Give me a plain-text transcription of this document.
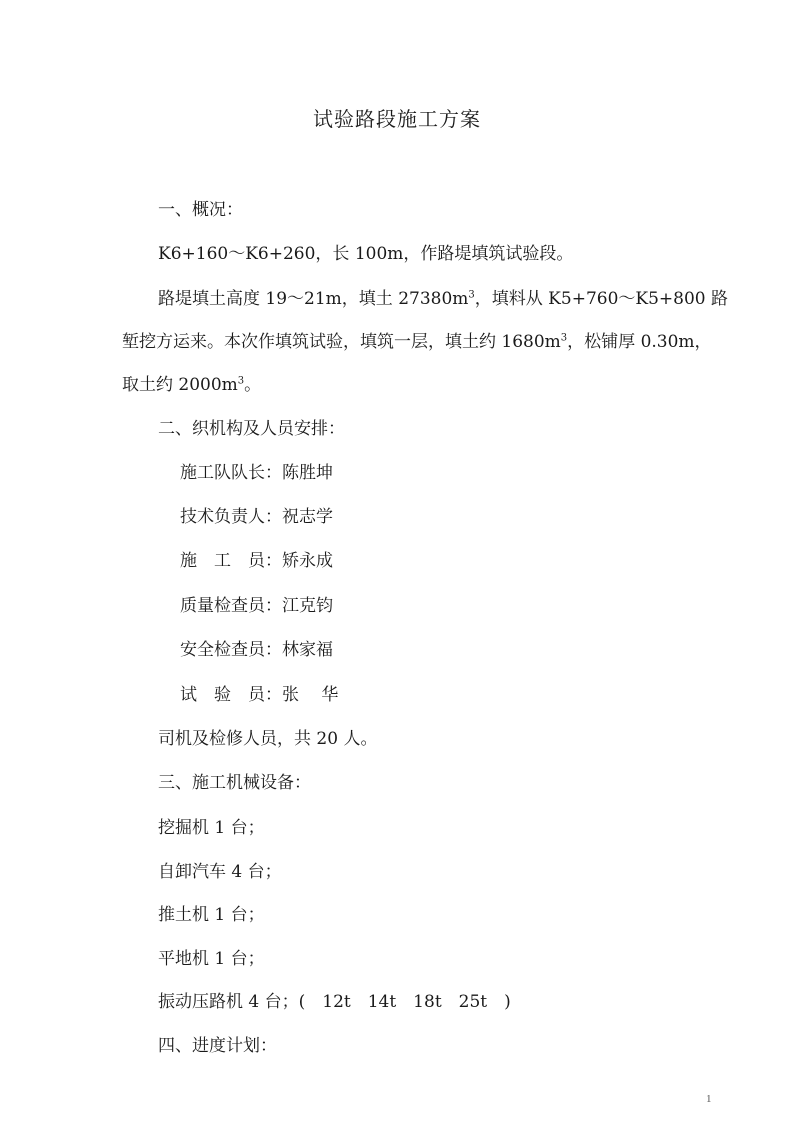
试验路段施工方案
一、概况：
K6+160～K6+260，长 100m，作路堤填筑试验段。
路堤填土高度 19～21m，填土 $27380m^3$，填料从 K5+760～K5+800 路
堑挖方运来。本次作填筑试验，填筑一层，填土约 $1680m^3$，松铺厚 0.30m，
取土约 $2000m^3$。
二、织机构及人员安排：
施工队队长：陈胜坤
技术负责人：祝志学
施　工　员：矫永成
质量检查员：江克钧
安全检查员：林家福
试　验　员：张　 华
司机及检修人员，共 20 人。
三、施工机械设备：
挖掘机 1 台；
自卸汽车 4 台；
推土机 1 台；
平地机 1 台；
振动压路机 4 台；(　12t　14t　18t　25t　)
四、进度计划：
1
